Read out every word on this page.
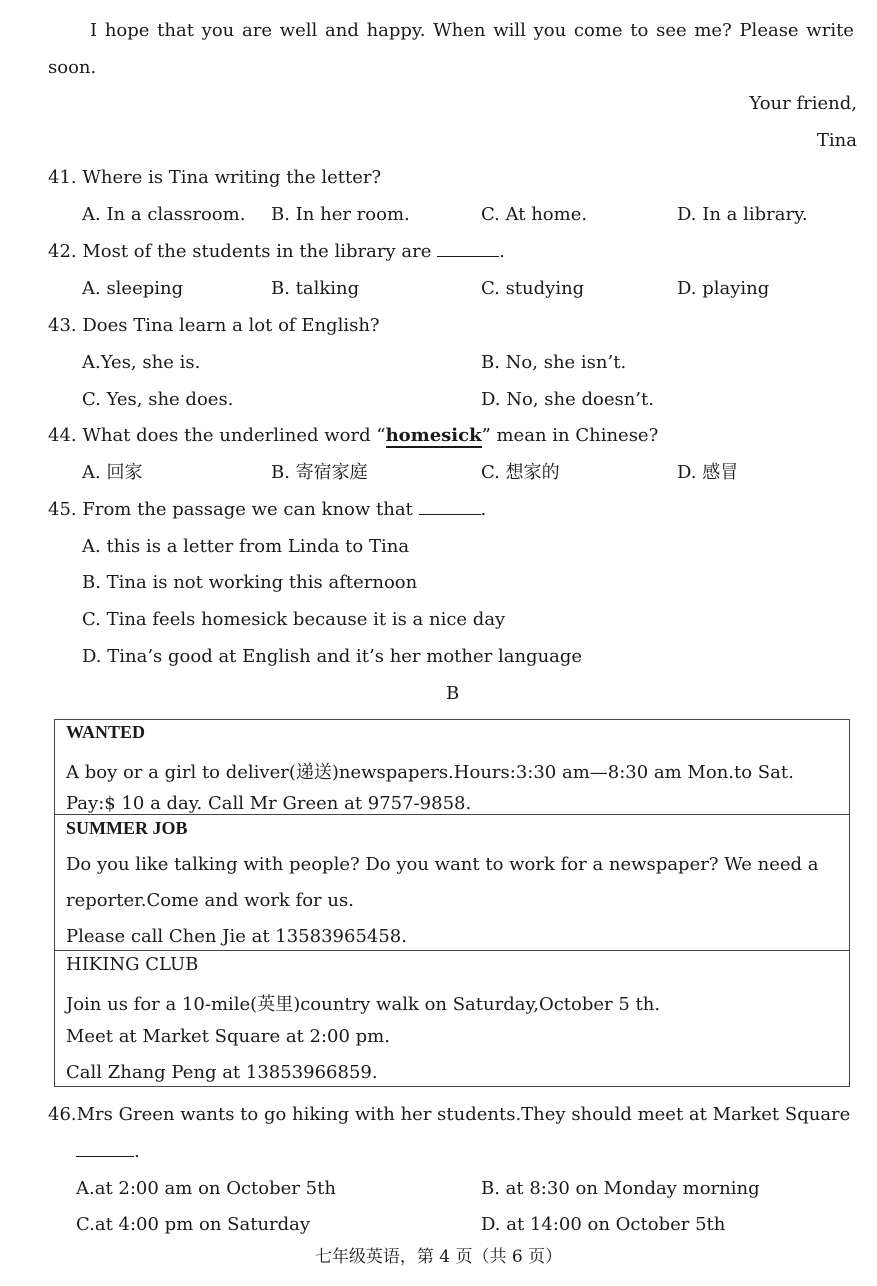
I hope that you are well and happy. When will you come to see me? Please write
soon.
Your friend,
Tina
41. Where is Tina writing the letter?
A. In a classroom. B. In her room.	C. At home.	D. In a library.
42. Most of the students in the library are	.
A. sleeping	B. talking	C. studying	D. playing
43. Does Tina learn a lot of English?
A.Yes, she is.	B. No, she isn’t.
C. Yes, she does.	D. No, she doesn’t.
44. What does the underlined word “homesick” mean in Chinese?
A. 回家	B. 寄宿家庭	C. 想家的	D. 感冒
45. From the passage we can know that	.
A. this is a letter from Linda to Tina
B. Tina is not working this afternoon
C. Tina feels homesick because it is a nice day
D. Tina’s good at English and it’s her mother language
B
WANTED
A boy or a girl to deliver(递送)newspapers.Hours:3:30 am—8:30 am Mon.to Sat.
Pay:$ 10 a day. Call Mr Green at 9757-9858.
SUMMER JOB
Do you like talking with people? Do you want to work for a newspaper? We need a
reporter.Come and work for us.
Please call Chen Jie at 13583965458.
HIKING CLUB
Join us for a 10-mile(英里)country walk on Saturday,October 5 th.
Meet at Market Square at 2:00 pm.
Call Zhang Peng at 13853966859.
46.Mrs Green wants to go hiking with her students.They should meet at Market Square
.
A.at 2:00 am on October 5th	B. at 8:30 on Monday morning
C.at 4:00 pm on Saturday	D. at 14:00 on October 5th
七年级英语，第 4 页（共 6 页）
